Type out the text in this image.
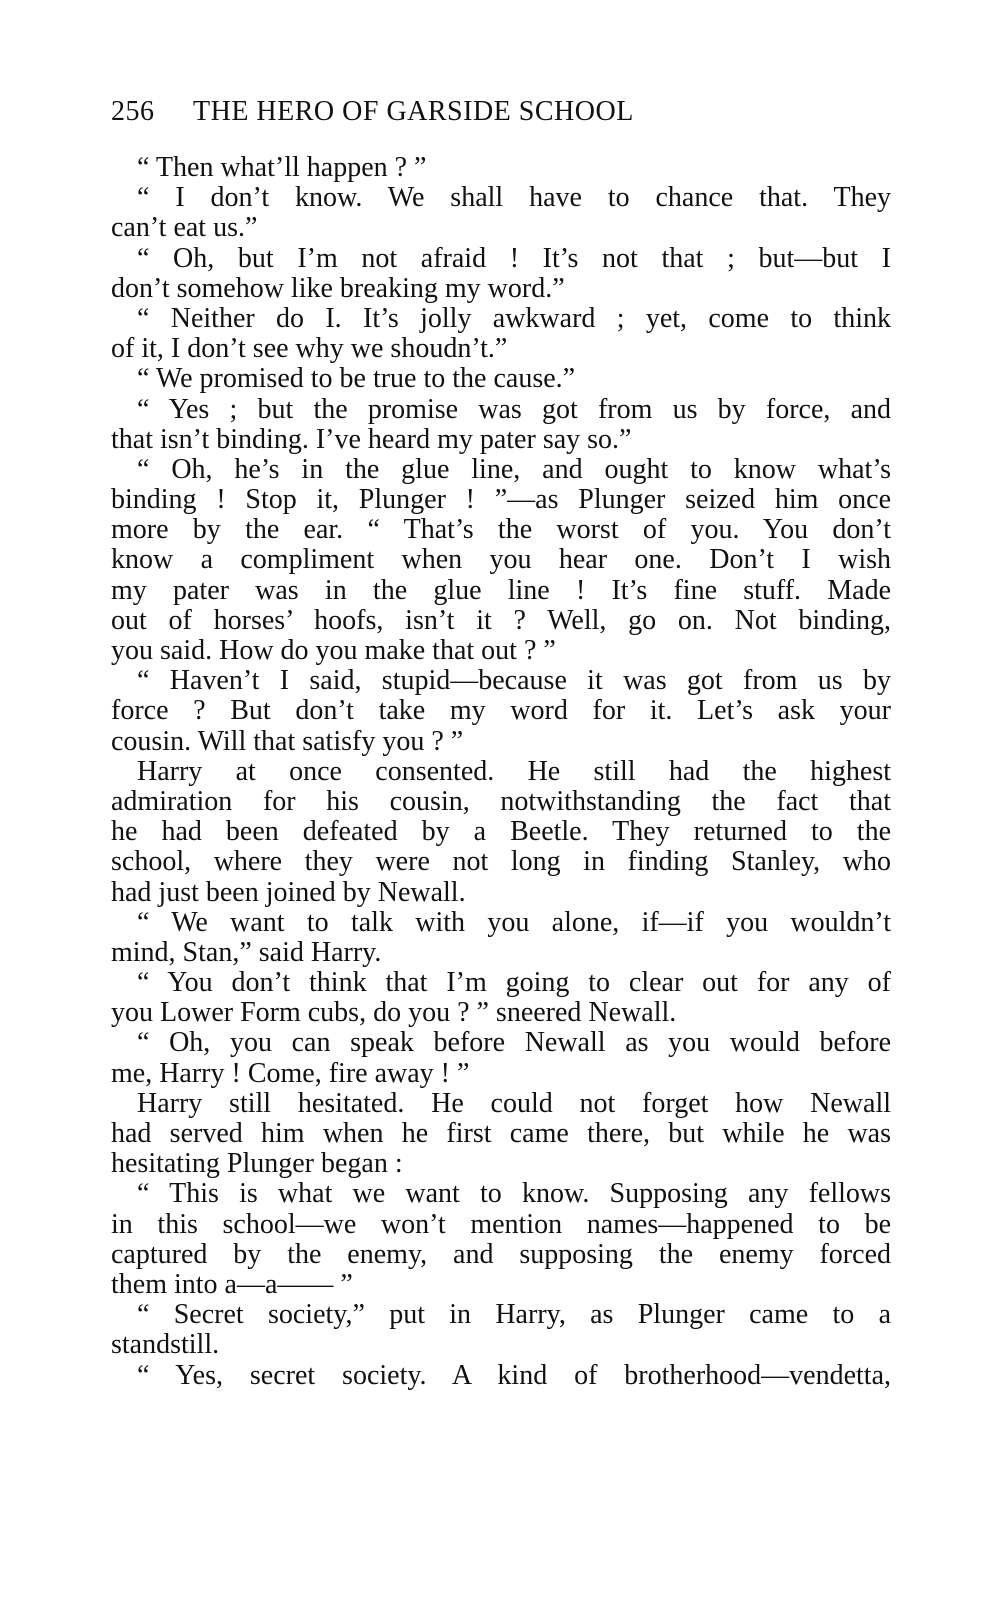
256 THE HERO OF GARSIDE SCHOOL
“ Then what’ll happen ? ”
“ I don’t know. We shall have to chance that. They
can’t eat us.”
“ Oh, but I’m not afraid ! It’s not that ; but—but I
don’t somehow like breaking my word.”
“ Neither do I. It’s jolly awkward ; yet, come to think
of it, I don’t see why we shoudn’t.”
“ We promised to be true to the cause.”
“ Yes ; but the promise was got from us by force, and
that isn’t binding. I’ve heard my pater say so.”
“ Oh, he’s in the glue line, and ought to know what’s
binding ! Stop it, Plunger ! ”—as Plunger seized him once
more by the ear. “ That’s the worst of you. You don’t
know a compliment when you hear one. Don’t I wish
my pater was in the glue line ! It’s fine stuff. Made
out of horses’ hoofs, isn’t it ? Well, go on. Not binding,
you said. How do you make that out ? ”
“ Haven’t I said, stupid—because it was got from us by
force ? But don’t take my word for it. Let’s ask your
cousin. Will that satisfy you ? ”
Harry at once consented. He still had the highest
admiration for his cousin, notwithstanding the fact that
he had been defeated by a Beetle. They returned to the
school, where they were not long in finding Stanley, who
had just been joined by Newall.
“ We want to talk with you alone, if—if you wouldn’t
mind, Stan,” said Harry.
“ You don’t think that I’m going to clear out for any of
you Lower Form cubs, do you ? ” sneered Newall.
“ Oh, you can speak before Newall as you would before
me, Harry ! Come, fire away ! ”
Harry still hesitated. He could not forget how Newall
had served him when he first came there, but while he was
hesitating Plunger began :
“ This is what we want to know. Supposing any fellows
in this school—we won’t mention names—happened to be
captured by the enemy, and supposing the enemy forced
them into a—a—— ”
“ Secret society,” put in Harry, as Plunger came to a
standstill.
“ Yes, secret society. A kind of brotherhood—vendetta,
